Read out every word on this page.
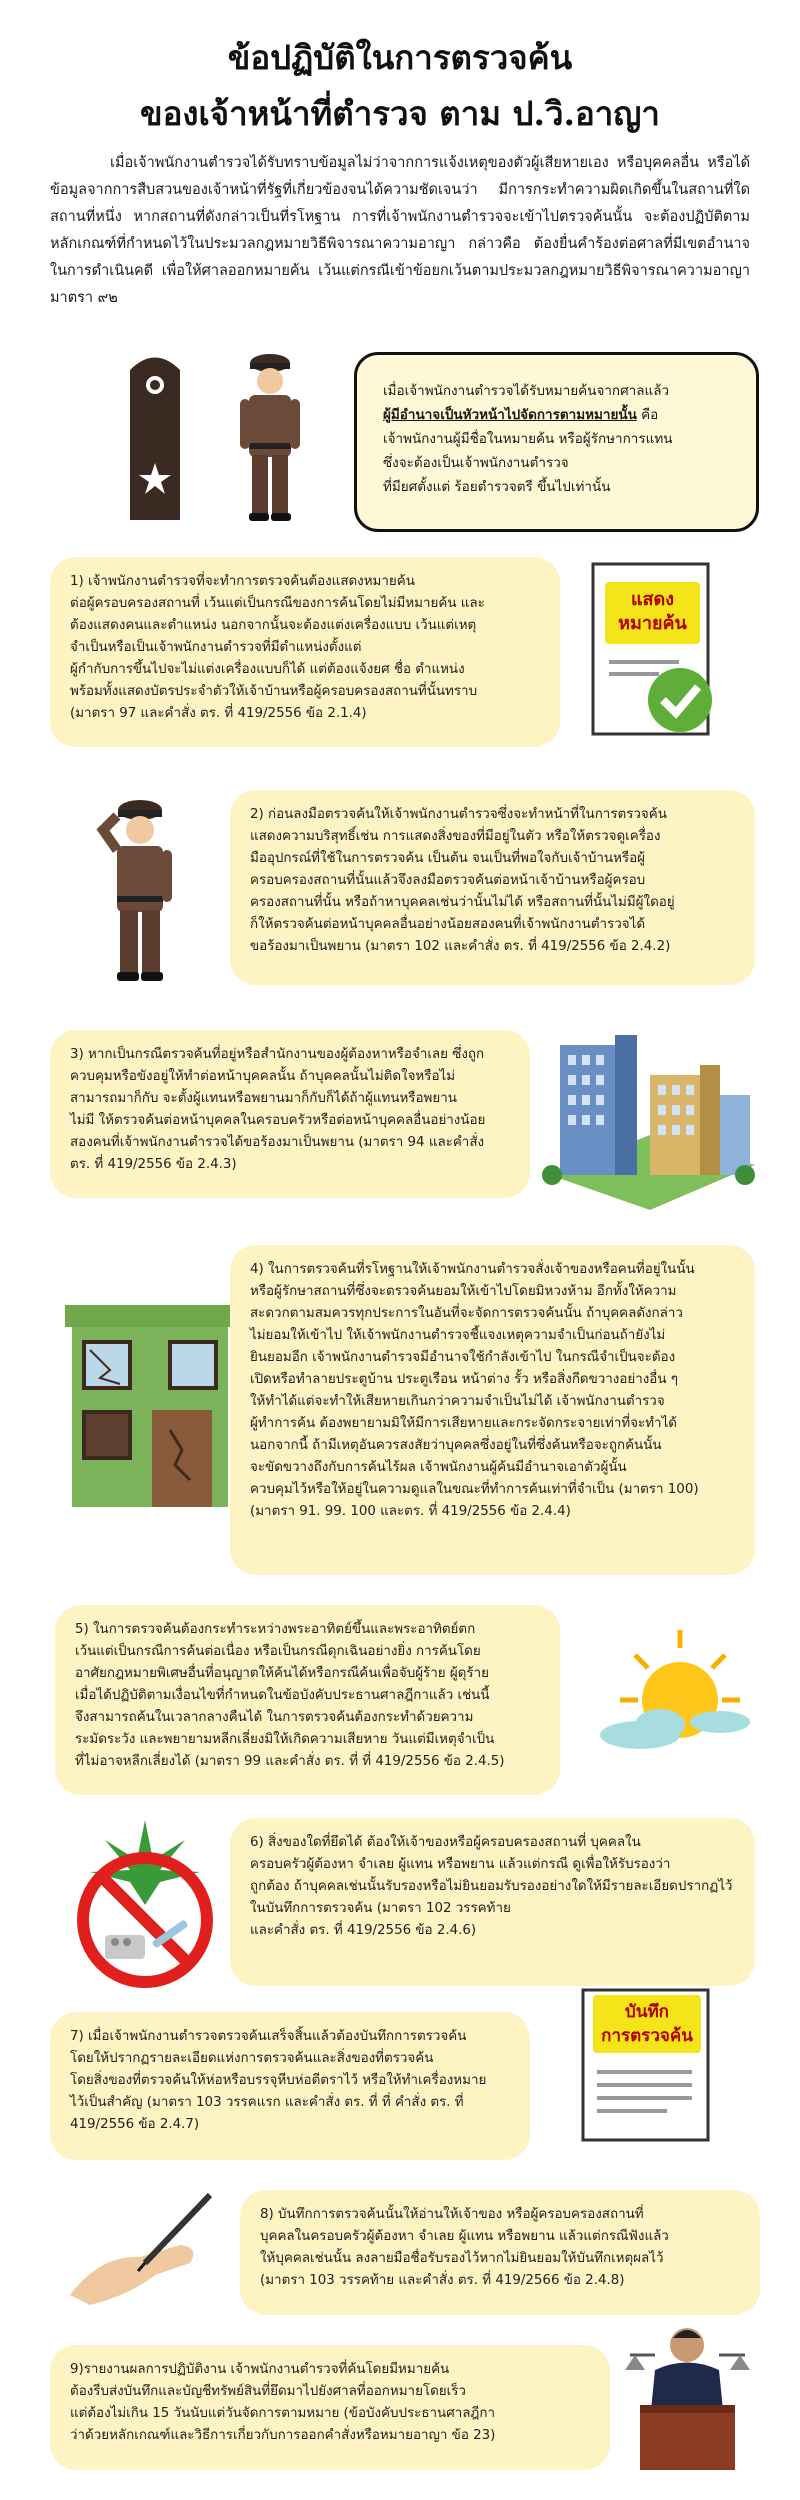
ข้อปฏิบัติในการตรวจค้น
ของเจ้าหน้าที่ตำรวจ ตาม ป.วิ.อาญา

เมื่อเจ้าพนักงานตำรวจได้รับทราบข้อมูลไม่ว่าจากการแจ้งเหตุของตัวผู้เสียหายเอง หรือบุคคลอื่น หรือได้ข้อมูลจากการสืบสวนของเจ้าหน้าที่รัฐที่เกี่ยวข้องจนได้ความชัดเจนว่า มีการกระทำความผิดเกิดขึ้นในสถานที่ใดสถานที่หนึ่ง หากสถานที่ดังกล่าวเป็นที่รโหฐาน การที่เจ้าพนักงานตำรวจจะเข้าไปตรวจค้นนั้น จะต้องปฏิบัติตามหลักเกณฑ์ที่กำหนดไว้ในประมวลกฎหมายวิธีพิจารณาความอาญา กล่าวคือ ต้องยื่นคำร้องต่อศาลที่มีเขตอำนาจในการดำเนินคดี เพื่อให้ศาลออกหมายค้น เว้นแต่กรณีเข้าข้อยกเว้นตามประมวลกฎหมายวิธีพิจารณาความอาญามาตรา ๙๒

เมื่อเจ้าพนักงานตำรวจได้รับหมายค้นจากศาลแล้ว
ผู้มีอำนาจเป็นหัวหน้าไปจัดการตามหมายนั้น คือ
เจ้าพนักงานผู้มีชื่อในหมายค้น หรือผู้รักษาการแทน
ซึ่งจะต้องเป็นเจ้าพนักงานตำรวจ
ที่มียศตั้งแต่ ร้อยตำรวจตรี ขึ้นไปเท่านั้น
1) เจ้าพนักงานตำรวจที่จะทำการตรวจค้นต้องแสดงหมายค้น
ต่อผู้ครอบครองสถานที่ เว้นแต่เป็นกรณีของการค้นโดยไม่มีหมายค้น และ
ต้องแสดงคนและตำแหน่ง นอกจากนั้นจะต้องแต่งเครื่องแบบ เว้นแต่เหตุ
จำเป็นหรือเป็นเจ้าพนักงานตำรวจที่มีตำแหน่งตั้งแต่
ผู้กำกับการขึ้นไปจะไม่แต่งเครื่องแบบก็ได้ แต่ต้องแจ้งยศ ชื่อ ตำแหน่ง
พร้อมทั้งแสดงบัตรประจำตัวให้เจ้าบ้านหรือผู้ครอบครองสถานที่นั้นทราบ
(มาตรา 97 และคำสั่ง ตร. ที่ 419/2556 ข้อ 2.1.4)
แสดง
หมายค้น
2) ก่อนลงมือตรวจค้นให้เจ้าพนักงานตำรวจซึ่งจะทำหน้าที่ในการตรวจค้น
แสดงความบริสุทธิ์เช่น การแสดงสิ่งของที่มีอยู่ในตัว หรือให้ตรวจดูเครื่อง
มืออุปกรณ์ที่ใช้ในการตรวจค้น เป็นต้น จนเป็นที่พอใจกับเจ้าบ้านหรือผู้
ครอบครองสถานที่นั้นแล้วจึงลงมือตรวจค้นต่อหน้าเจ้าบ้านหรือผู้ครอบ
ครองสถานที่นั้น หรือถ้าหาบุคคลเช่นว่านั้นไม่ได้ หรือสถานที่นั้นไม่มีผู้ใดอยู่
ก็ให้ตรวจค้นต่อหน้าบุคคลอื่นอย่างน้อยสองคนที่เจ้าพนักงานตำรวจได้
ขอร้องมาเป็นพยาน (มาตรา 102 และคำสั่ง ตร. ที่ 419/2556 ข้อ 2.4.2)
3) หากเป็นกรณีตรวจค้นที่อยู่หรือสำนักงานของผู้ต้องหาหรือจำเลย ซึ่งถูก
ควบคุมหรือขังอยู่ให้ทำต่อหน้าบุคคลนั้น ถ้าบุคคลนั้นไม่ติดใจหรือไม่
สามารถมาก็กับ จะตั้งผู้แทนหรือพยานมาก็กับก็ได้ถ้าผู้แทนหรือพยาน
ไม่มี ให้ตรวจค้นต่อหน้าบุคคลในครอบครัวหรือต่อหน้าบุคคลอื่นอย่างน้อย
สองคนที่เจ้าพนักงานตำรวจได้ขอร้องมาเป็นพยาน (มาตรา 94 และคำสั่ง
ตร. ที่ 419/2556 ข้อ 2.4.3)
4) ในการตรวจค้นที่รโหฐานให้เจ้าพนักงานตำรวจสั่งเจ้าของหรือคนที่อยู่ในนั้น
หรือผู้รักษาสถานที่ซึ่งจะตรวจค้นยอมให้เข้าไปโดยมิหวงห้าม อีกทั้งให้ความ
สะดวกตามสมควรทุกประการในอันที่จะจัดการตรวจค้นนั้น ถ้าบุคคลดังกล่าว
ไม่ยอมให้เข้าไป ให้เจ้าพนักงานตำรวจชี้แจงเหตุความจำเป็นก่อนถ้ายังไม่
ยินยอมอีก เจ้าพนักงานตำรวจมีอำนาจใช้กำลังเข้าไป ในกรณีจำเป็นจะต้อง
เปิดหรือทำลายประตูบ้าน ประตูเรือน หน้าต่าง รั้ว หรือสิ่งกีดขวางอย่างอื่น ๆ
ให้ทำได้แต่จะทำให้เสียหายเกินกว่าความจำเป็นไม่ได้ เจ้าพนักงานตำรวจ
ผู้ทำการค้น ต้องพยายามมิให้มีการเสียหายและกระจัดกระจายเท่าที่จะทำได้
นอกจากนี้ ถ้ามีเหตุอันควรสงสัยว่าบุคคลซึ่งอยู่ในที่ซึ่งค้นหรือจะถูกค้นนั้น
จะขัดขวางถึงกับการค้นไร้ผล เจ้าพนักงานผู้ค้นมีอำนาจเอาตัวผู้นั้น
ควบคุมไว้หรือให้อยู่ในความดูแลในขณะที่ทำการค้นเท่าที่จำเป็น (มาตรา 100)
(มาตรา 91. 99. 100 และตร. ที่ 419/2556 ข้อ 2.4.4)
5) ในการตรวจค้นต้องกระทำระหว่างพระอาทิตย์ขึ้นและพระอาทิตย์ตก
เว้นแต่เป็นกรณีการค้นต่อเนื่อง หรือเป็นกรณีดุกเฉินอย่างยิ่ง การค้นโดย
อาศัยกฎหมายพิเศษอื่นที่อนุญาตให้ค้นได้หรือกรณีค้นเพื่อจับผู้ร้าย ผู้ดุร้าย
เมื่อได้ปฏิบัติตามเงื่อนไขที่กำหนดในข้อบังคับประธานศาลฎีกาแล้ว เช่นนี้
จึงสามารถค้นในเวลากลางคืนได้ ในการตรวจค้นต้องกระทำด้วยความ
ระมัดระวัง และพยายามหลีกเลี่ยงมิให้เกิดความเสียหาย วันแต่มีเหตุจำเป็น
ที่ไม่อาจหลีกเลี่ยงได้ (มาตรา 99 และคำสั่ง ตร. ที่ ที่ 419/2556 ข้อ 2.4.5)
6) สิ่งของใดที่ยึดได้ ต้องให้เจ้าของหรือผู้ครอบครองสถานที่ บุคคลใน
ครอบครัวผู้ต้องหา จำเลย ผู้แทน หรือพยาน แล้วแต่กรณี ดูเพื่อให้รับรองว่า
ถูกต้อง ถ้าบุคคลเช่นนั้นรับรองหรือไม่ยินยอมรับรองอย่างใดให้มีรายละเอียดปรากฏไว้ในบันทึกการตรวจค้น (มาตรา 102 วรรคท้าย
และคำสั่ง ตร. ที่ 419/2556 ข้อ 2.4.6)
7) เมื่อเจ้าพนักงานตำรวจตรวจค้นเสร็จสิ้นแล้วต้องบันทึกการตรวจค้น
โดยให้ปรากฏรายละเอียดแห่งการตรวจค้นและสิ่งของที่ตรวจค้น
โดยสิ่งของที่ตรวจค้นให้ห่อหรือบรรจุหีบห่อตีตราไว้ หรือให้ทำเครื่องหมาย
ไว้เป็นสำคัญ (มาตรา 103 วรรคแรก และคำสั่ง ตร. ที่ ที่ คำสั่ง ตร. ที่
419/2556 ข้อ 2.4.7)
บันทึก
การตรวจค้น
8) บันทึกการตรวจค้นนั้นให้อ่านให้เจ้าของ หรือผู้ครอบครองสถานที่
บุคคลในครอบครัวผู้ต้องหา จำเลย ผู้แทน หรือพยาน แล้วแต่กรณีฟังแล้ว
ให้บุคคลเช่นนั้น ลงลายมือชื่อรับรองไว้หากไม่ยินยอมให้บันทึกเหตุผลไว้
(มาตรา 103 วรรคท้าย และคำสั่ง ตร. ที่ 419/2566 ข้อ 2.4.8)
9)รายงานผลการปฏิบัติงาน เจ้าพนักงานตำรวจที่ค้นโดยมีหมายค้น
ต้องรีบส่งบันทึกและบัญชีทรัพย์สินที่ยึดมาไปยังศาลที่ออกหมายโดยเร็ว
แต่ต้องไม่เกิน 15 วันนับแต่วันจัดการตามหมาย (ข้อบังคับประธานศาลฎีกา
ว่าด้วยหลักเกณฑ์และวิธีการเกี่ยวกับการออกคำสั่งหรือหมายอาญา ข้อ 23)
